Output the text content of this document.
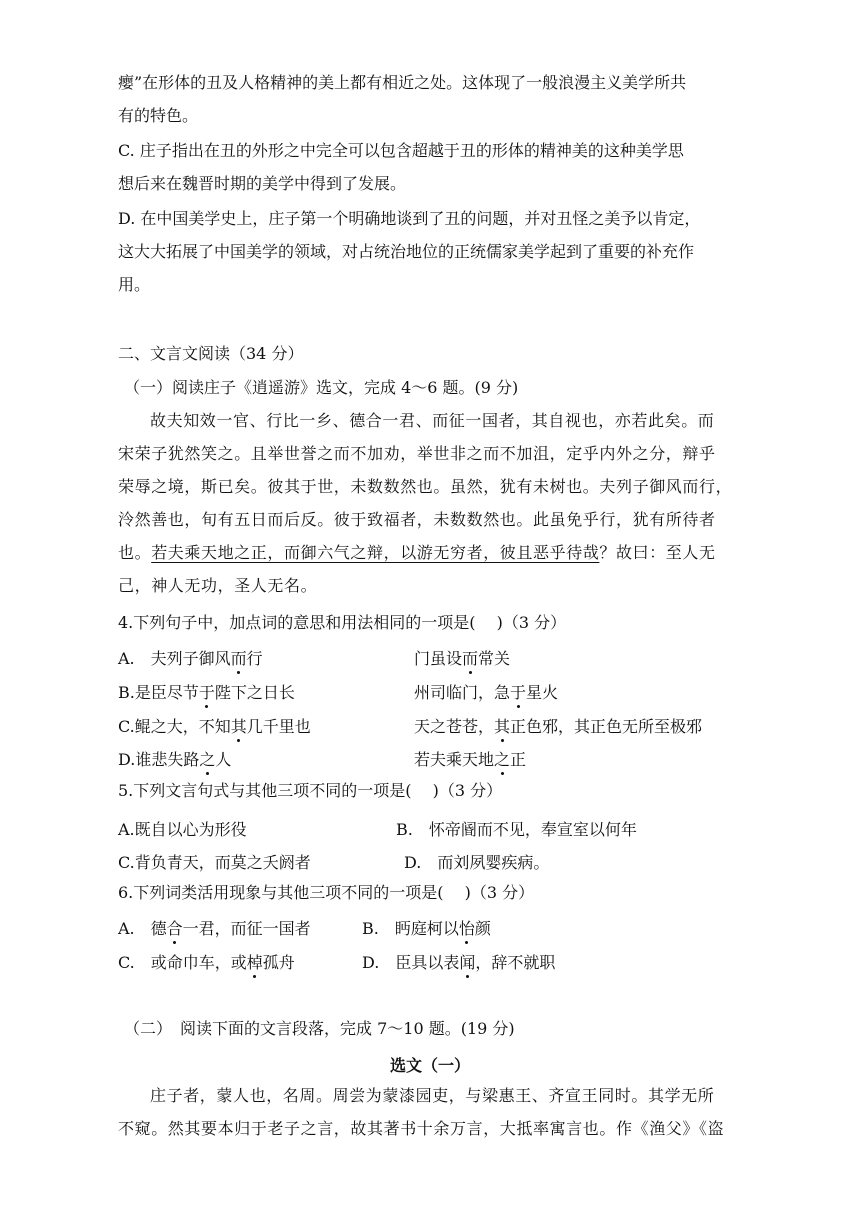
瘿”在形体的丑及人格精神的美上都有相近之处。这体现了一般浪漫主义美学所共

有的特色。

C. 庄子指出在丑的外形之中完全可以包含超越于丑的形体的精神美的这种美学思

想后来在魏晋时期的美学中得到了发展。

D. 在中国美学史上，庄子第一个明确地谈到了丑的问题，并对丑怪之美予以肯定，

这大大拓展了中国美学的领域，对占统治地位的正统儒家美学起到了重要的补充作

用。

二、文言文阅读（34 分）

（一）阅读庄子《逍遥游》选文，完成 4～6 题。(9 分)

故夫知效一官、行比一乡、德合一君、而征一国者，其自视也，亦若此矣。而
宋荣子犹然笑之。且举世誉之而不加劝，举世非之而不加沮，定乎内外之分，辩乎
荣辱之境，斯已矣。彼其于世，未数数然也。虽然，犹有未树也。夫列子御风而行，
泠然善也，旬有五日而后反。彼于致福者，未数数然也。此虽免乎行，犹有所待者
也。若夫乘天地之正，而御六气之辩，以游无穷者，彼且恶乎待哉？故曰：至人无
己，神人无功，圣人无名。

4.下列句子中，加点词的意思和用法相同的一项是(　 )（3 分）

A.　夫列子御风而行	门虽设而常关
B.是臣尽节于陛下之日长	州司临门，急于星火
C.鲲之大，不知其几千里也	天之苍苍，其正色邪，其正色无所至极邪
D.谁悲失路之人	若夫乘天地之正

5.下列文言句式与其他三项不同的一项是(　 )（3 分）

A.既自以心为形役	B.　怀帝阍而不见，奉宣室以何年
C.背负青天，而莫之夭阏者	D.　而刘夙婴疾病。

6.下列词类活用现象与其他三项不同的一项是(　 )（3 分）

A.　德合一君，而征一国者	B.　眄庭柯以怡颜
C.　或命巾车，或棹孤舟	D.　臣具以表闻，辞不就职

（二）　阅读下面的文言段落，完成 7～10 题。(19 分)

选文（一）
庄子者，蒙人也，名周。周尝为蒙漆园吏，与梁惠王、齐宣王同时。其学无所
不窥。然其要本归于老子之言，故其著书十余万言，大抵率寓言也。作《渔父》《盗
